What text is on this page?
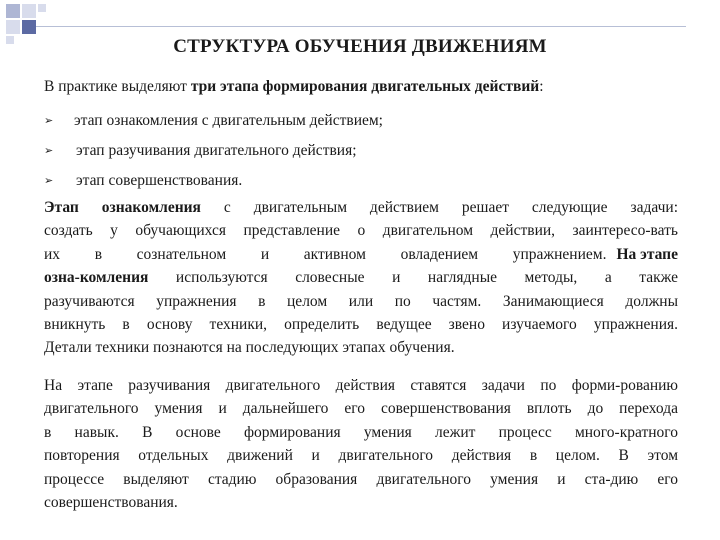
СТРУКТУРА ОБУЧЕНИЯ ДВИЖЕНИЯМ
В практике выделяют три этапа формирования двигательных действий:
➢ этап ознакомления с двигательным действием;
➢ этап разучивания двигательного действия;
➢ этап совершенствования.
Этап ознакомления с двигательным действием решает следующие задачи:
создать у обучающихся представление о двигательном действии, заинтересо-вать
их в сознательном и активном овладением упражнением. На этапе
озна-комления используются словесные и наглядные методы, а также
разучиваются упражнения в целом или по частям. Занимающиеся должны
вникнуть в основу техники, определить ведущее звено изучаемого упражнения.
Детали техники познаются на последующих этапах обучения.
На этапе разучивания двигательного действия ставятся задачи по форми-рованию
двигательного умения и дальнейшего его совершенствования вплоть до перехода
в навык. В основе формирования умения лежит процесс много-кратного
повторения отдельных движений и двигательного действия в целом. В этом
процессе выделяют стадию образования двигательного умения и ста-дию его
совершенствования.
